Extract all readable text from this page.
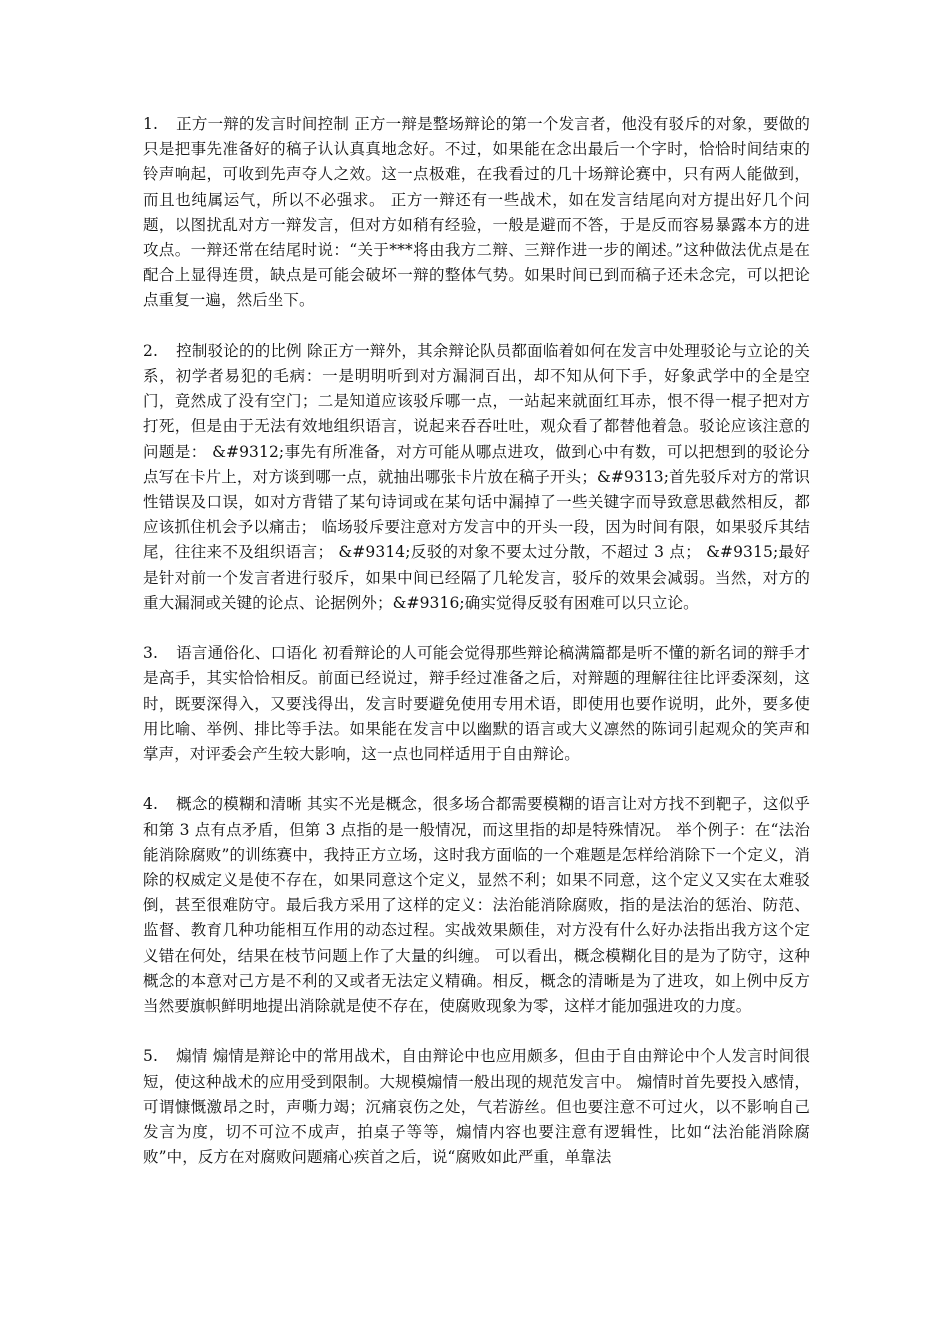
1. 正方一辩的发言时间控制 正方一辩是整场辩论的第一个发言者，他没有驳斥的对象，要做的只是把事先准备好的稿子认认真真地念好。不过，如果能在念出最后一个字时，恰恰时间结束的铃声响起，可收到先声夺人之效。这一点极难，在我看过的几十场辩论赛中，只有两人能做到，而且也纯属运气，所以不必强求。 正方一辩还有一些战术，如在发言结尾向对方提出好几个问题，以图扰乱对方一辩发言，但对方如稍有经验，一般是避而不答，于是反而容易暴露本方的进攻点。一辩还常在结尾时说：“关于***将由我方二辩、三辩作进一步的阐述。”这种做法优点是在配合上显得连贯，缺点是可能会破坏一辩的整体气势。如果时间已到而稿子还未念完，可以把论点重复一遍，然后坐下。

2. 控制驳论的的比例 除正方一辩外，其余辩论队员都面临着如何在发言中处理驳论与立论的关系，初学者易犯的毛病：一是明明听到对方漏洞百出，却不知从何下手，好象武学中的全是空门，竟然成了没有空门；二是知道应该驳斥哪一点，一站起来就面红耳赤，恨不得一棍子把对方打死，但是由于无法有效地组织语言，说起来吞吞吐吐，观众看了都替他着急。驳论应该注意的问题是： &#9312;事先有所准备，对方可能从哪点进攻，做到心中有数，可以把想到的驳论分点写在卡片上，对方谈到哪一点，就抽出哪张卡片放在稿子开头；&#9313;首先驳斥对方的常识性错误及口误，如对方背错了某句诗词或在某句话中漏掉了一些关键字而导致意思截然相反，都应该抓住机会予以痛击； 临场驳斥要注意对方发言中的开头一段，因为时间有限，如果驳斥其结尾，往往来不及组织语言； &#9314;反驳的对象不要太过分散，不超过 3 点； &#9315;最好是针对前一个发言者进行驳斥，如果中间已经隔了几轮发言，驳斥的效果会减弱。当然，对方的重大漏洞或关键的论点、论据例外；&#9316;确实觉得反驳有困难可以只立论。

3. 语言通俗化、口语化 初看辩论的人可能会觉得那些辩论稿满篇都是听不懂的新名词的辩手才是高手，其实恰恰相反。前面已经说过，辩手经过准备之后，对辩题的理解往往比评委深刻，这时，既要深得入，又要浅得出，发言时要避免使用专用术语，即使用也要作说明，此外，要多使用比喻、举例、排比等手法。如果能在发言中以幽默的语言或大义凛然的陈词引起观众的笑声和掌声，对评委会产生较大影响，这一点也同样适用于自由辩论。

4. 概念的模糊和清晰 其实不光是概念，很多场合都需要模糊的语言让对方找不到靶子，这似乎和第 3 点有点矛盾，但第 3 点指的是一般情况，而这里指的却是特殊情况。 举个例子：在“法治能消除腐败”的训练赛中，我持正方立场，这时我方面临的一个难题是怎样给消除下一个定义，消除的权威定义是使不存在，如果同意这个定义，显然不利；如果不同意，这个定义又实在太难驳倒，甚至很难防守。最后我方采用了这样的定义：法治能消除腐败，指的是法治的惩治、防范、监督、教育几种功能相互作用的动态过程。实战效果颇佳，对方没有什么好办法指出我方这个定义错在何处，结果在枝节问题上作了大量的纠缠。 可以看出，概念模糊化目的是为了防守，这种概念的本意对己方是不利的又或者无法定义精确。相反，概念的清晰是为了进攻，如上例中反方当然要旗帜鲜明地提出消除就是使不存在，使腐败现象为零，这样才能加强进攻的力度。

5. 煽情 煽情是辩论中的常用战术，自由辩论中也应用颇多，但由于自由辩论中个人发言时间很短，使这种战术的应用受到限制。大规模煽情一般出现的规范发言中。 煽情时首先要投入感情，可谓慷慨激昂之时，声嘶力竭；沉痛哀伤之处，气若游丝。但也要注意不可过火，以不影响自己发言为度，切不可泣不成声，拍桌子等等，煽情内容也要注意有逻辑性，比如“法治能消除腐败”中，反方在对腐败问题痛心疾首之后，说“腐败如此严重，单靠法
